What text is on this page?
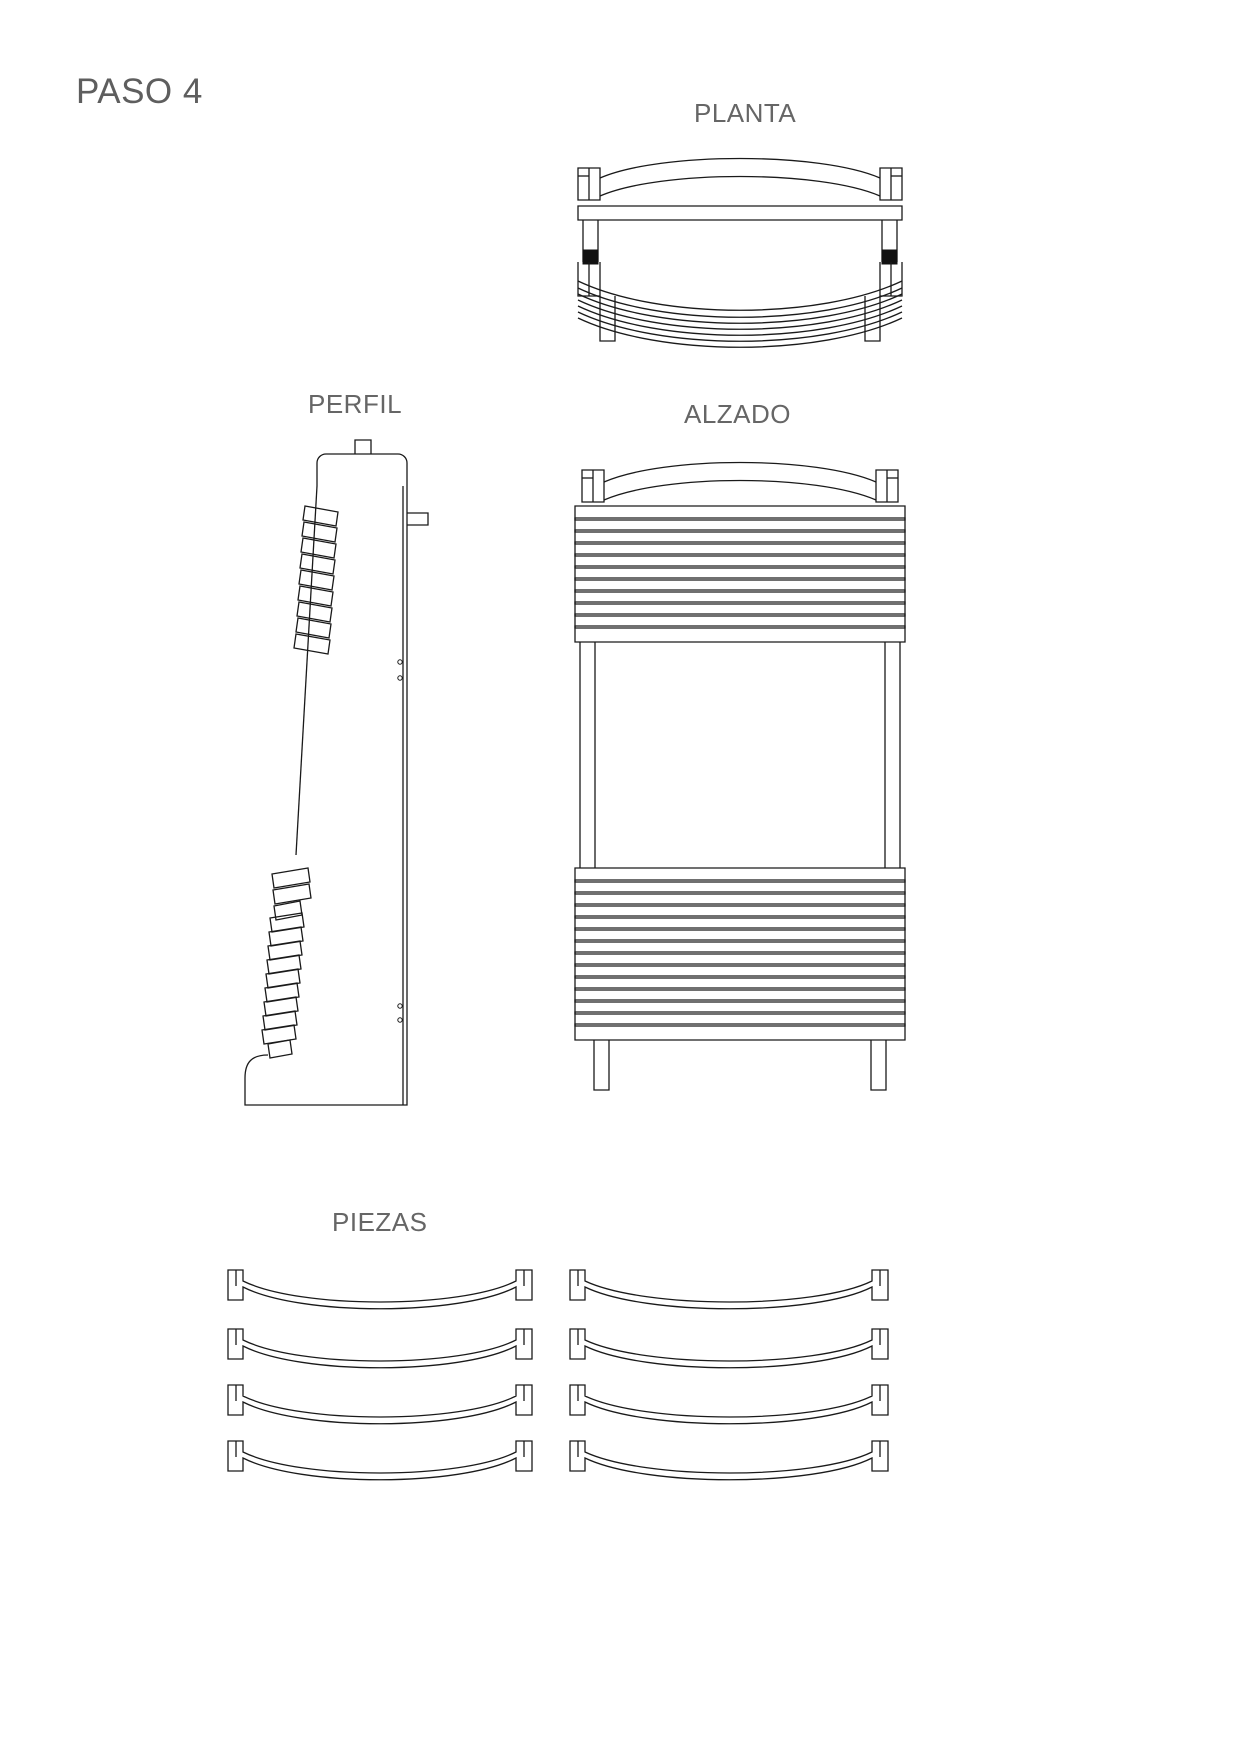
PASO 4
PLANTA
PERFIL	ALZADO
PIEZAS
